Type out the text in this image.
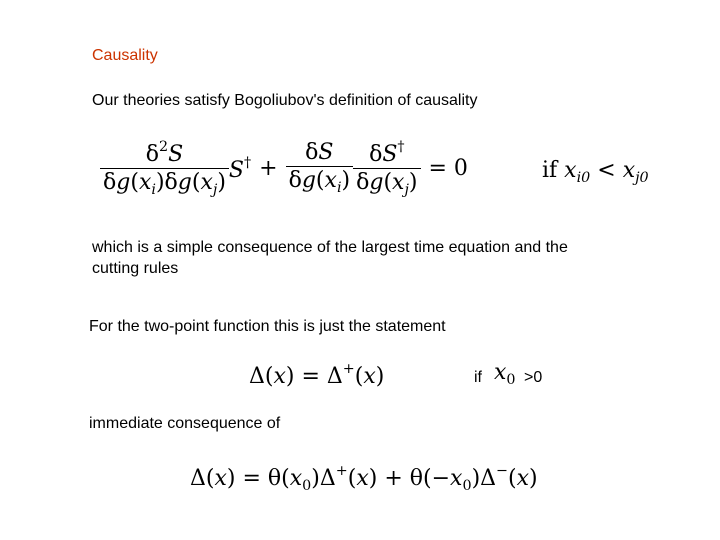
Causality
Our theories satisfy Bogoliubov's definition of causality
$\frac{\delta^2S}{\delta g(x_i)\delta g(x_j)} S^\dagger + \frac{\delta S}{\delta g(x_i)} \frac{\delta S^\dagger}{\delta g(x_j)} = 0$	if $x_{i0} < x_{j0}$
which is a simple consequence of the largest time equation and the
cutting rules
For the two-point function this is just the statement
Δ(x) = Δ+(x)	if $x_0 >0$
immediate consequence of
$\Delta(x) = \theta(x_0)\Delta^+(x) + \theta(-x_0)\Delta^-(x)$
